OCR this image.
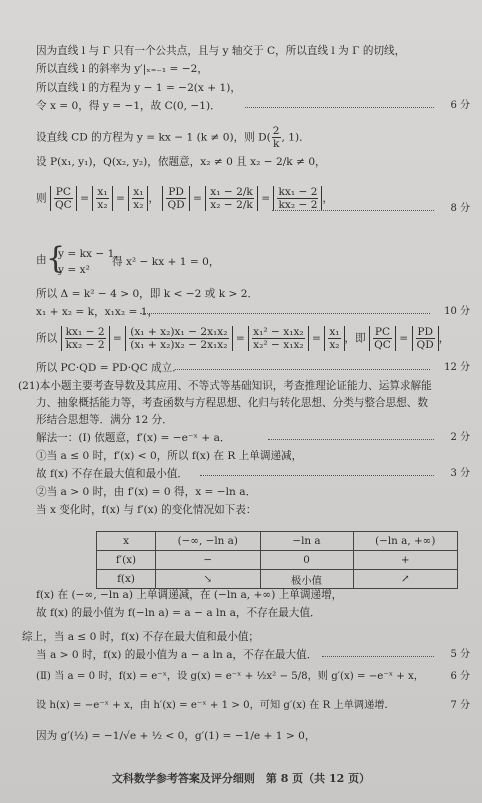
因为直线 l 与 Γ 只有一个公共点，且与 y 轴交于 C，所以直线 l 为 Γ 的切线，
所以直线 l 的斜率为 y′|ₓ₌₋₁ = −2，
所以直线 l 的方程为 y − 1 = −2(x + 1)，
令 x = 0，得 y = −1，故 C(0, −1)．	6 分
设直线 CD 的方程为 y = kx − 1 (k ≠ 0)，则 $D( \frac{2}{k}$ , 1)．
设 P(x₁, y₁)，Q(x₂, y₂)，依题意，x₂ ≠ 0 且 x₂ − 2/k ≠ 0，
则 $\frac{PC}{QC} = \frac{\text{x₁}}{\text{x₂}} = \frac{\text{x₁}}{\text{x₂}}$ ， $\frac{PD}{QD} = \frac{\text{x₁ − 2/k}}{\text{x₂ − 2/k}} = \frac{\text{kx₁ − 2}}{\text{kx₂ − 2}}$ ，
8 分
{
由 y = kx − 1,
y = x²
得 x² − kx + 1 = 0，
所以 Δ = k² − 4 > 0，即 k < −2 或 k > 2．
x₁ + x₂ = k，x₁x₂ = 1，	10 分
所以 $\frac{\text{kx₁ − 2}}{\text{kx₂ − 2}} = \frac{\text{(x₁ + x₂)x₁ − 2x₁x₂}}{\text{(x₁ + x₂)x₂ − 2x₁x₂}} = \frac{\text{x₁² − x₁x₂}}{\text{x₂² − x₁x₂}} = \frac{\text{x₁}}{\text{x₂}}$ ，即 $\frac{PC}{QC} = \frac{PD}{QD}$ ，
所以 PC·QD = PD·QC 成立．	12 分
(21)本小题主要考查导数及其应用、不等式等基础知识，考查推理论证能力、运算求解能
力、抽象概括能力等，考查函数与方程思想、化归与转化思想、分类与整合思想、数
形结合思想等．满分 12 分．
解法一：(Ⅰ) 依题意，f′(x) = −e⁻ˣ + a．	2 分
①当 a ≤ 0 时，f′(x) < 0，所以 f(x) 在 R 上单调递减，
故 f(x) 不存在最大值和最小值．	3 分
②当 a > 0 时，由 f′(x) = 0 得，x = −ln a．
当 x 变化时，f(x) 与 f′(x) 的变化情况如下表：
x	(−∞, −ln a)	−ln a	(−ln a, +∞)
f′(x)	−	0	+
f(x)	↘	极小值	↗
f(x) 在 (−∞, −ln a) 上单调递减，在 (−ln a, +∞) 上单调递增，
故 f(x) 的最小值为 f(−ln a) = a − a ln a，不存在最大值．
综上，当 a ≤ 0 时，f(x) 不存在最大值和最小值；
当 a > 0 时，f(x) 的最小值为 a − a ln a，不存在最大值．	5 分
(Ⅱ) 当 a = 0 时，f(x) = e⁻ˣ，设 g(x) = e⁻ˣ + ½x² − 5/8，则 g′(x) = −e⁻ˣ + x，	6 分
设 h(x) = −e⁻ˣ + x，由 h′(x) = e⁻ˣ + 1 > 0，可知 g′(x) 在 R 上单调递增．	7 分
因为 g′(½) = −1/√e + ½ < 0，g′(1) = −1/e + 1 > 0，
文科数学参考答案及评分细则　第 8 页（共 12 页）
